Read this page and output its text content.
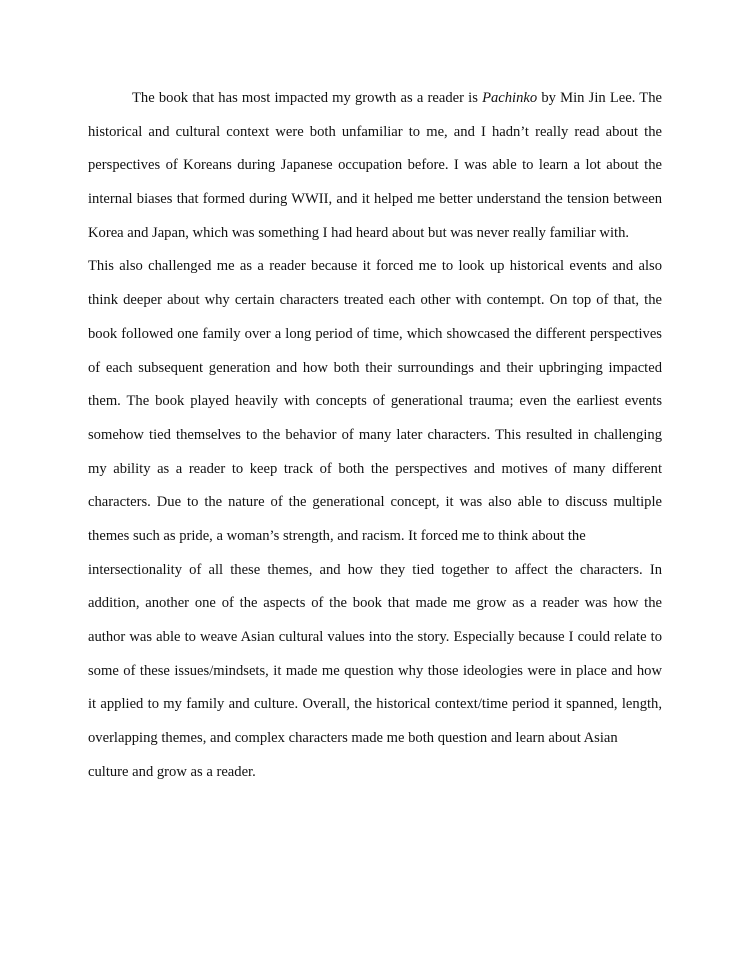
The book that has most impacted my growth as a reader is Pachinko by Min Jin Lee. The
historical and cultural context were both unfamiliar to me, and I hadn’t really read about the
perspectives of Koreans during Japanese occupation before. I was able to learn a lot about the
internal biases that formed during WWII, and it helped me better understand the tension between
Korea and Japan, which was something I had heard about but was never really familiar with.
This also challenged me as a reader because it forced me to look up historical events and also
think deeper about why certain characters treated each other with contempt. On top of that, the
book followed one family over a long period of time, which showcased the different perspectives
of each subsequent generation and how both their surroundings and their upbringing impacted
them. The book played heavily with concepts of generational trauma; even the earliest events
somehow tied themselves to the behavior of many later characters. This resulted in challenging
my ability as a reader to keep track of both the perspectives and motives of many different
characters. Due to the nature of the generational concept, it was also able to discuss multiple
themes such as pride, a woman’s strength, and racism. It forced me to think about the
intersectionality of all these themes, and how they tied together to affect the characters. In
addition, another one of the aspects of the book that made me grow as a reader was how the
author was able to weave Asian cultural values into the story. Especially because I could relate to
some of these issues/mindsets, it made me question why those ideologies were in place and how
it applied to my family and culture. Overall, the historical context/time period it spanned, length,
overlapping themes, and complex characters made me both question and learn about Asian
culture and grow as a reader.
